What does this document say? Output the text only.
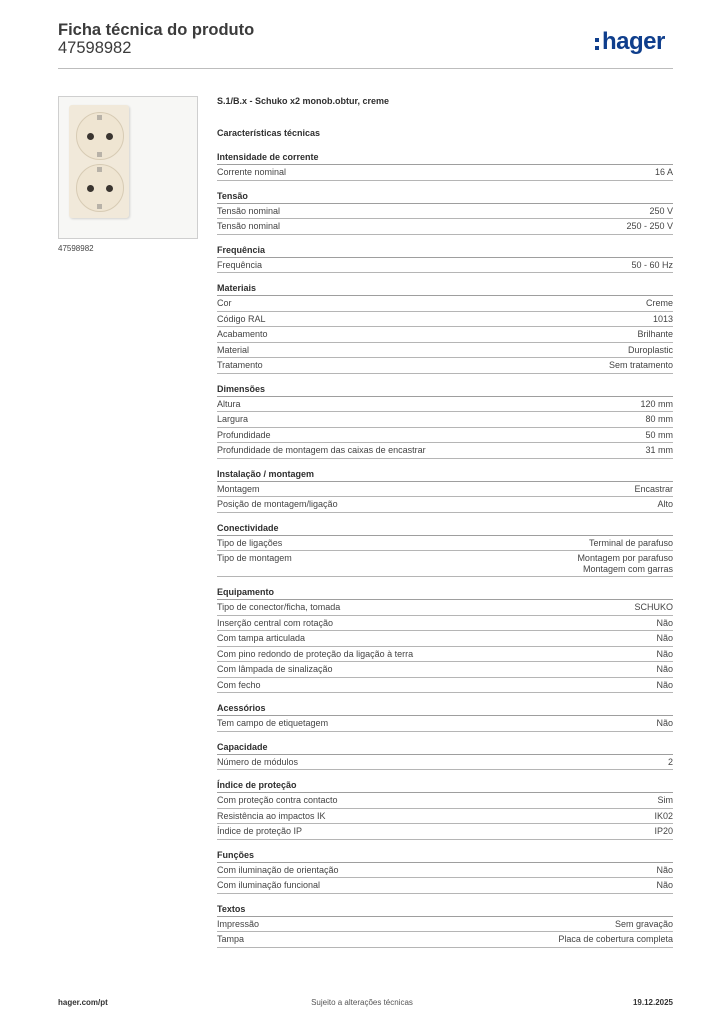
Ficha técnica do produto
47598982	hager
47598982
S.1/B.x - Schuko x2 monob.obtur, creme
Características técnicas
Intensidade de corrente
Corrente nominal	16 A
Tensão
Tensão nominal	250 V
Tensão nominal	250 - 250 V
Frequência
Frequência	50 - 60 Hz
Materiais
Cor	Creme
Código RAL	1013
Acabamento	Brilhante
Material	Duroplastic
Tratamento	Sem tratamento
Dimensões
Altura	120 mm
Largura	80 mm
Profundidade	50 mm
Profundidade de montagem das caixas de encastrar	31 mm
Instalação / montagem
Montagem	Encastrar
Posição de montagem/ligação	Alto
Conectividade
Tipo de ligações	Terminal de parafuso
Tipo de montagem	Montagem por parafuso
Montagem com garras
Equipamento
Tipo de conector/ficha, tomada	SCHUKO
Inserção central com rotação	Não
Com tampa articulada	Não
Com pino redondo de proteção da ligação à terra	Não
Com lâmpada de sinalização	Não
Com fecho	Não
Acessórios
Tem campo de etiquetagem	Não
Capacidade
Número de módulos	2
Índice de proteção
Com proteção contra contacto	Sim
Resistência ao impactos IK	IK02
Índice de proteção IP	IP20
Funções
Com iluminação de orientação	Não
Com iluminação funcional	Não
Textos
Impressão	Sem gravação
Tampa	Placa de cobertura completa
hager.com/pt	Sujeito a alterações técnicas	19.12.2025
